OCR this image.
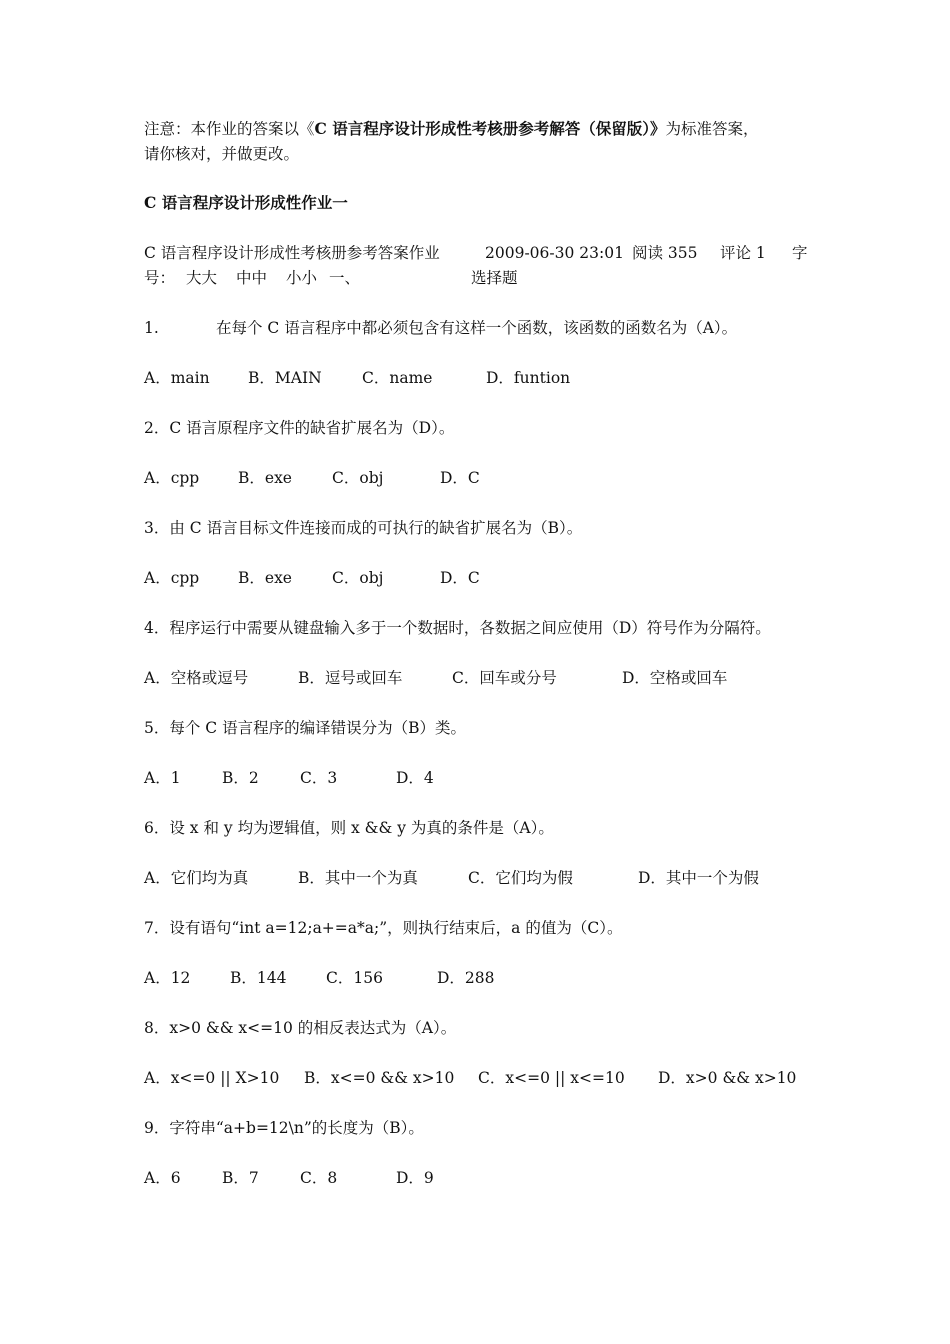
注意：本作业的答案以《C 语言程序设计形成性考核册参考解答（保留版）》为标准答案，
请你核对，并做更改。
C 语言程序设计形成性作业一
C 语言程序设计形成性考核册参考答案作业	2009-06-30 23:01 阅读 355 评论 1 字
号： 大大 中中 小小 一、	选择题
1.	在每个 C 语言程序中都必须包含有这样一个函数，该函数的函数名为（A）。
A．main B．MAIN	C．name	D．funtion
2．C 语言原程序文件的缺省扩展名为（D）。
A．cpp	B．exe	C．obj	D．C
3．由 C 语言目标文件连接而成的可执行的缺省扩展名为（B）。
A．cpp	B．exe	C．obj	D．C
4．程序运行中需要从键盘输入多于一个数据时，各数据之间应使用（D）符号作为分隔符。
A．空格或逗号	B．逗号或回车	C．回车或分号	D．空格或回车
5．每个 C 语言程序的编译错误分为（B）类。
A．1	B．2	C．3	D．4
6．设 x 和 y 均为逻辑值，则 x && y 为真的条件是（A）。
A．它们均为真	B．其中一个为真	C．它们均为假	D．其中一个为假
7．设有语句“int a=12;a+=a*a;”，则执行结束后，a 的值为（C）。
A．12	B．144	C．156	D．288
8．x>0 && x<=10 的相反表达式为（A）。
A．x<=0 || X>10 B．x<=0 && x>10 C．x<=0 || x<=10 D．x>0 && x>10
9．字符串“a+b=12\n”的长度为（B）。
A．6	B．7	C．8	D．9
